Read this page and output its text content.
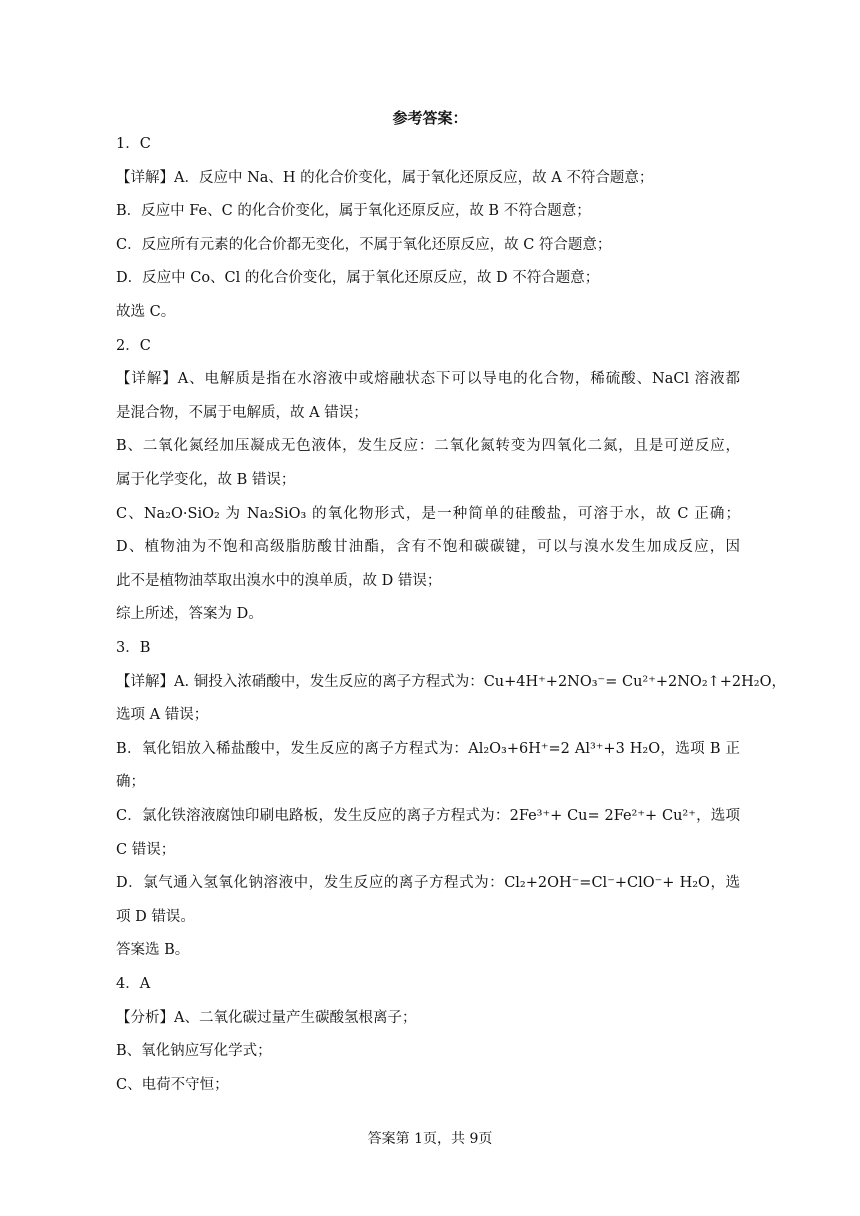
参考答案：
1．C
【详解】A．反应中 Na、H 的化合价变化，属于氧化还原反应，故 A 不符合题意；
B．反应中 Fe、C 的化合价变化，属于氧化还原反应，故 B 不符合题意；
C．反应所有元素的化合价都无变化，不属于氧化还原反应，故 C 符合题意；
D．反应中 Co、Cl 的化合价变化，属于氧化还原反应，故 D 不符合题意；
故选 C。
2．C
【详解】A、电解质是指在水溶液中或熔融状态下可以导电的化合物，稀硫酸、NaCl 溶液都
是混合物，不属于电解质，故 A 错误；
B、二氧化氮经加压凝成无色液体，发生反应：二氧化氮转变为四氧化二氮，且是可逆反应，
属于化学变化，故 B 错误；
C、Na₂O·SiO₂ 为 Na₂SiO₃ 的氧化物形式，是一种简单的硅酸盐，可溶于水，故 C 正确；
D、植物油为不饱和高级脂肪酸甘油酯，含有不饱和碳碳键，可以与溴水发生加成反应，因
此不是植物油萃取出溴水中的溴单质，故 D 错误；
综上所述，答案为 D。
3．B
【详解】A. 铜投入浓硝酸中，发生反应的离子方程式为：Cu+4H⁺+2NO₃⁻= Cu²⁺+2NO₂↑+2H₂O，
选项 A 错误；
B．氧化铝放入稀盐酸中，发生反应的离子方程式为：Al₂O₃+6H⁺=2 Al³⁺+3 H₂O，选项 B 正
确；
C．氯化铁溶液腐蚀印刷电路板，发生反应的离子方程式为：2Fe³⁺+ Cu= 2Fe²⁺+ Cu²⁺，选项
C 错误；
D．氯气通入氢氧化钠溶液中，发生反应的离子方程式为：Cl₂+2OH⁻=Cl⁻+ClO⁻+ H₂O，选
项 D 错误。
答案选 B。
4．A
【分析】A、二氧化碳过量产生碳酸氢根离子；
B、氧化钠应写化学式；
C、电荷不守恒；
答案第 1页，共 9页
